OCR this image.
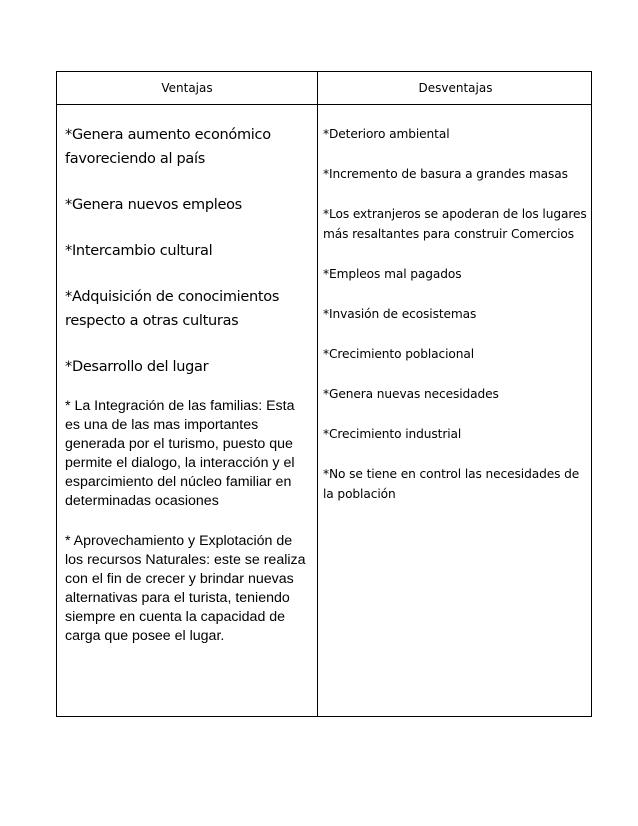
Ventajas	Desventajas

*Genera aumento económico favoreciendo al país

*Genera nuevos empleos

*Intercambio cultural

*Adquisición de conocimientos respecto a otras culturas

*Desarrollo del lugar

* La Integración de las familias: Esta es una de las mas importantes generada por el turismo, puesto que permite el dialogo, la interacción y el esparcimiento del núcleo familiar en determinadas ocasiones

* Aprovechamiento y Explotación de los recursos Naturales: este se realiza con el fin de crecer y brindar nuevas alternativas para el turista, teniendo siempre en cuenta la capacidad de carga que posee el lugar.

*Deterioro ambiental

*Incremento de basura a grandes masas

*Los extranjeros se apoderan de los lugares más resaltantes para construir Comercios

*Empleos mal pagados

*Invasión de ecosistemas

*Crecimiento poblacional

*Genera nuevas necesidades

*Crecimiento industrial

*No se tiene en control las necesidades de la población
